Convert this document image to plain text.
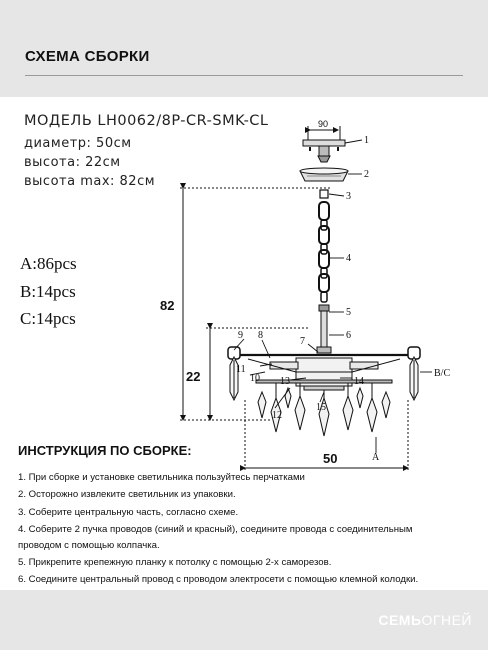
СХЕМА СБОРКИ
МОДЕЛЬ LH0062/8P-CR-SMK-CL
диаметр: 50см
высота: 22см
высота max: 82см
A:86pcs
B:14pcs
C:14pcs
90
1
2
3
4
5
6
7
8
9
10
11
12
13	14
15
B/C
A
82
22
50
ИНСТРУКЦИЯ ПО СБОРКЕ:
1. При сборке и установке светильника пользуйтесь перчатками
2. Осторожно извлеките светильник из упаковки.
3. Соберите центральную часть, согласно схеме.
4. Соберите 2 пучка проводов (синий и красный), соедините провода с соединительным
проводом с помощью колпачка.
5. Прикрепите крепежную планку к потолку с помощью 2-х саморезов.
6. Соедините центральный провод с проводом электросети с помощью клемной колодки.
СЕМЬОГНЕЙ
